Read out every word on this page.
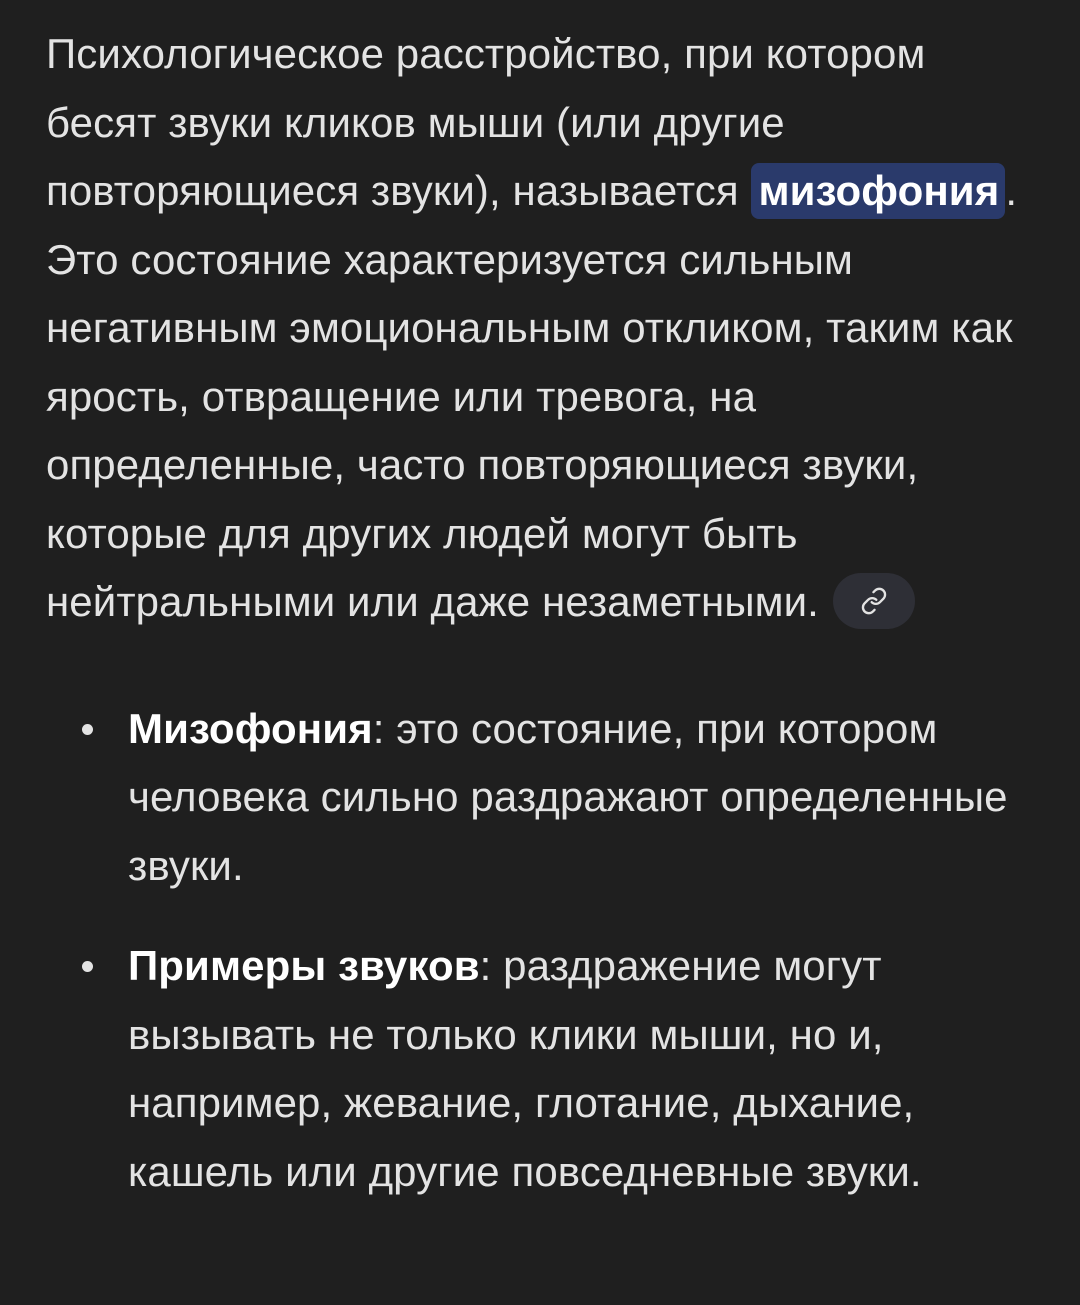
Психологическое расстройство, при котором бесят звуки кликов мыши (или другие повторяющиеся звуки), называется мизофония . Это состояние характеризуется сильным негативным эмоциональным откликом, таким как ярость, отвращение или тревога, на определенные, часто повторяющиеся звуки, которые для других людей могут быть нейтральными или даже незаметными.

Мизофония: это состояние, при котором человека сильно раздражают определенные звуки.
Примеры звуков: раздражение могут вызывать не только клики мыши, но и, например, жевание, глотание, дыхание, кашель или другие повседневные звуки.
